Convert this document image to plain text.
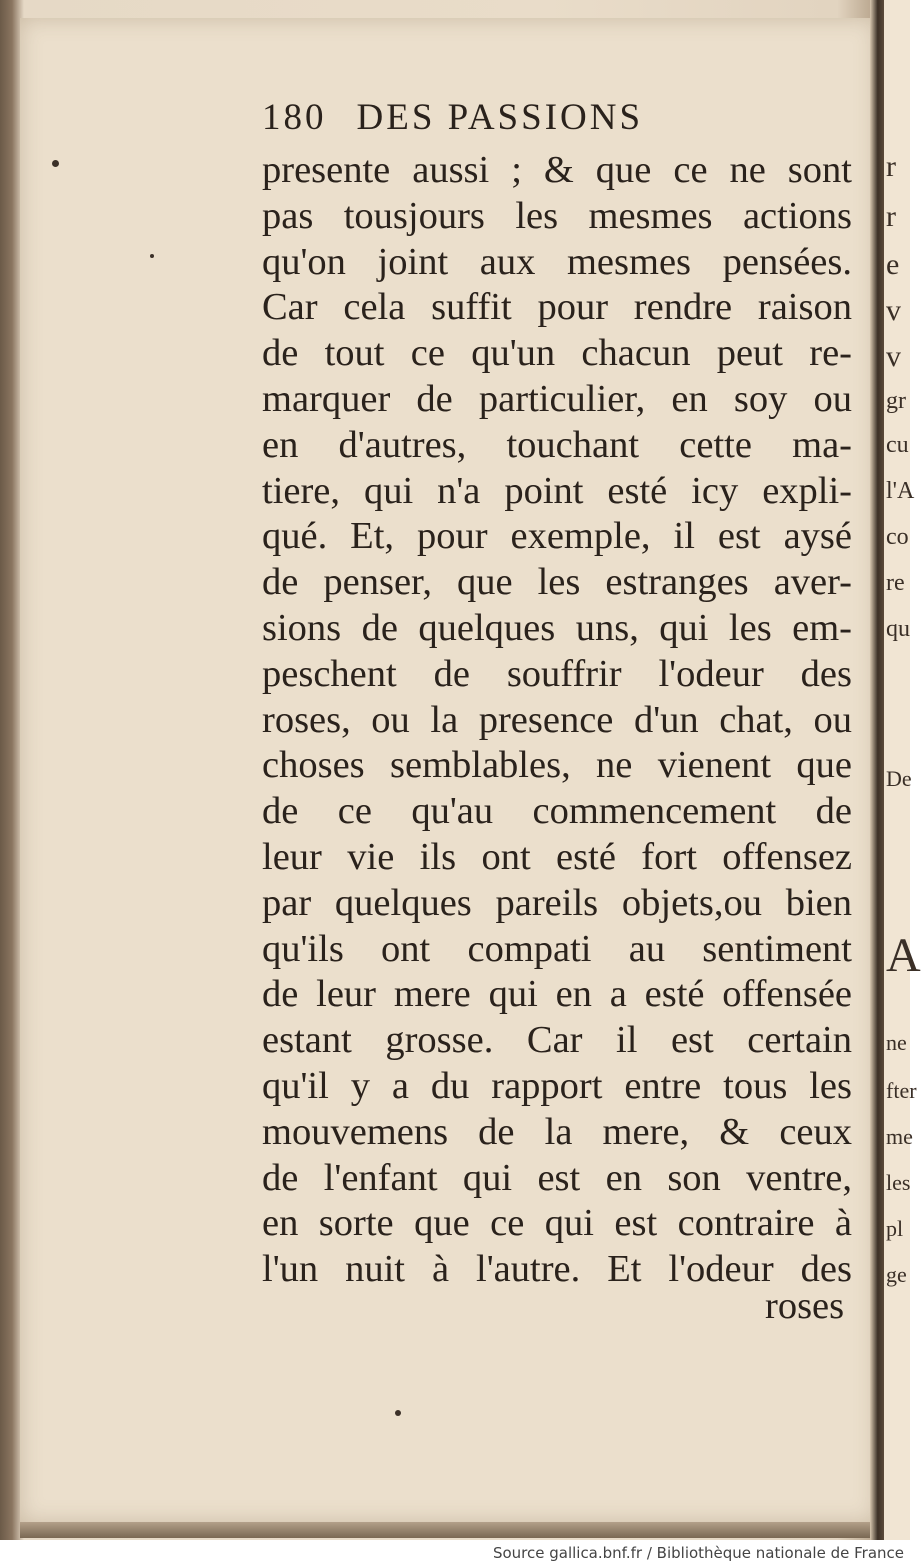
r
r
e
v
v
gr
cu
l'A
co
re
qu
De
A
ne
fter
me
les
pl
ge
180 DES PASSIONS
presente aussi ; & que ce ne sont
pas tousjours les mesmes actions
qu'on joint aux mesmes pensées.
Car cela suffit pour rendre raison
de tout ce qu'un chacun peut re-
marquer de particulier, en soy ou
en d'autres, touchant cette ma-
tiere, qui n'a point esté icy expli-
qué. Et, pour exemple, il est aysé
de penser, que les estranges aver-
sions de quelques uns, qui les em-
peschent de souffrir l'odeur des
roses, ou la presence d'un chat, ou
choses semblables, ne vienent que
de ce qu'au commencement de
leur vie ils ont esté fort offensez
par quelques pareils objets,ou bien
qu'ils ont compati au sentiment
de leur mere qui en a esté offensée
estant grosse. Car il est certain
qu'il y a du rapport entre tous les
mouvemens de la mere, & ceux
de l'enfant qui est en son ventre,
en sorte que ce qui est contraire à
l'un nuit à l'autre. Et l'odeur des
roses
Source gallica.bnf.fr / Bibliothèque nationale de France
